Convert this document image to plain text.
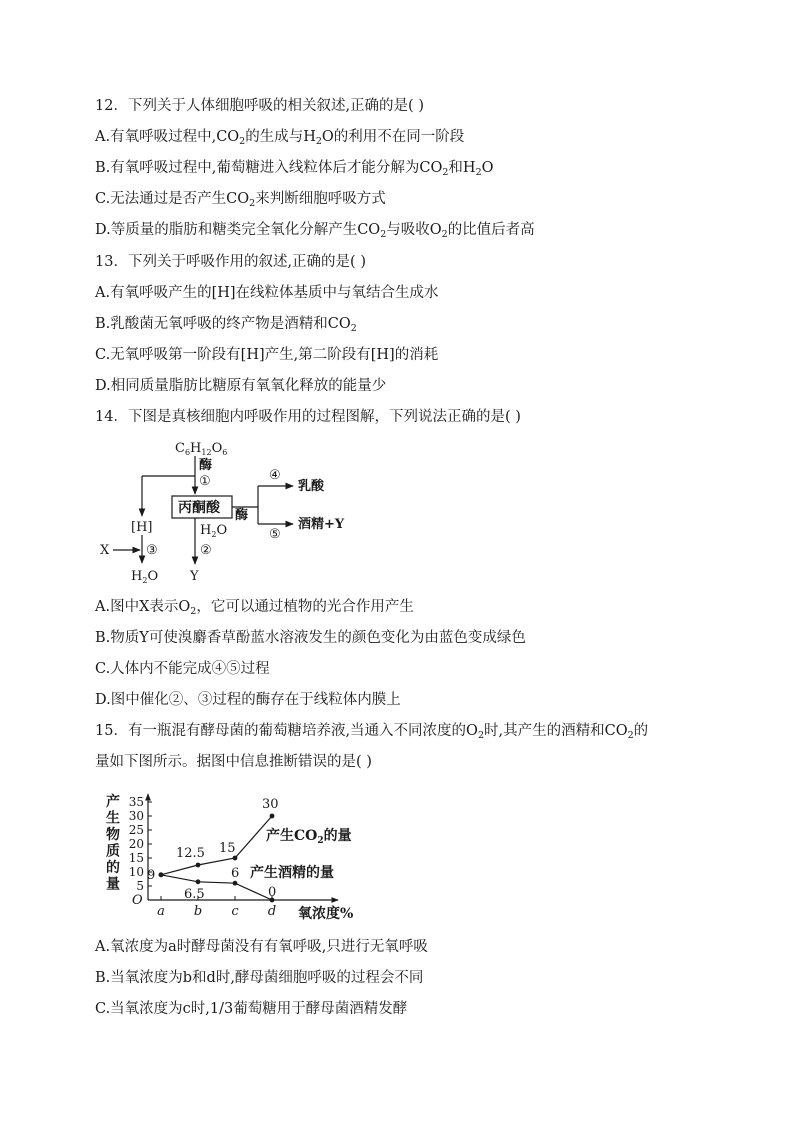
12．下列关于人体细胞呼吸的相关叙述,正确的是( )
A.有氧呼吸过程中$,CO_2$的生成与$H_2O$的利用不在同一阶段
B.有氧呼吸过程中,葡萄糖进入线粒体后才能分解为$CO_2$和$H_2O$
C.无法通过是否产生$CO_2$来判断细胞呼吸方式
D.等质量的脂肪和糖类完全氧化分解产生$CO_2$与吸收$O_2$的比值后者高
13．下列关于呼吸作用的叙述,正确的是( )
A.有氧呼吸产生的[H]在线粒体基质中与氧结合生成水
B.乳酸菌无氧呼吸的终产物是酒精和$CO_2$
C.无氧呼吸第一阶段有[H]产生,第二阶段有[H]的消耗
D.相同质量脂肪比糖原有氧氧化释放的能量少
14．下图是真核细胞内呼吸作用的过程图解，下列说法正确的是( )
$C_6H_{12}O_6$
酶
①
丙酮酸
④
乳酸
酶
⑤
酒精+Y
[H]
X	③
$H_2O$
$H_2O$
②
Y
A.图中X表示$O_2$，它可以通过植物的光合作用产生
B.物质Y可使溴麝香草酚蓝水溶液发生的颜色变化为由蓝色变成绿色
C.人体内不能完成④⑤过程
D.图中催化②、③过程的酶存在于线粒体内膜上
15．有一瓶混有酵母菌的葡萄糖培养液,当通入不同浓度的$O_2$时,其产生的酒精和$CO_2$的
量如下图所示。据图中信息推断错误的是( )
产生物质的量
O
5
10
15
20
25
30
35
a b c d 氧浓度%
9
12.5 15
30
6.5
6
0
产生$CO_2$的量
产生酒精的量
A.氧浓度为a时酵母菌没有有氧呼吸,只进行无氧呼吸
B.当氧浓度为b和d时,酵母菌细胞呼吸的过程会不同
C.当氧浓度为c时,1/3葡萄糖用于酵母菌酒精发酵
